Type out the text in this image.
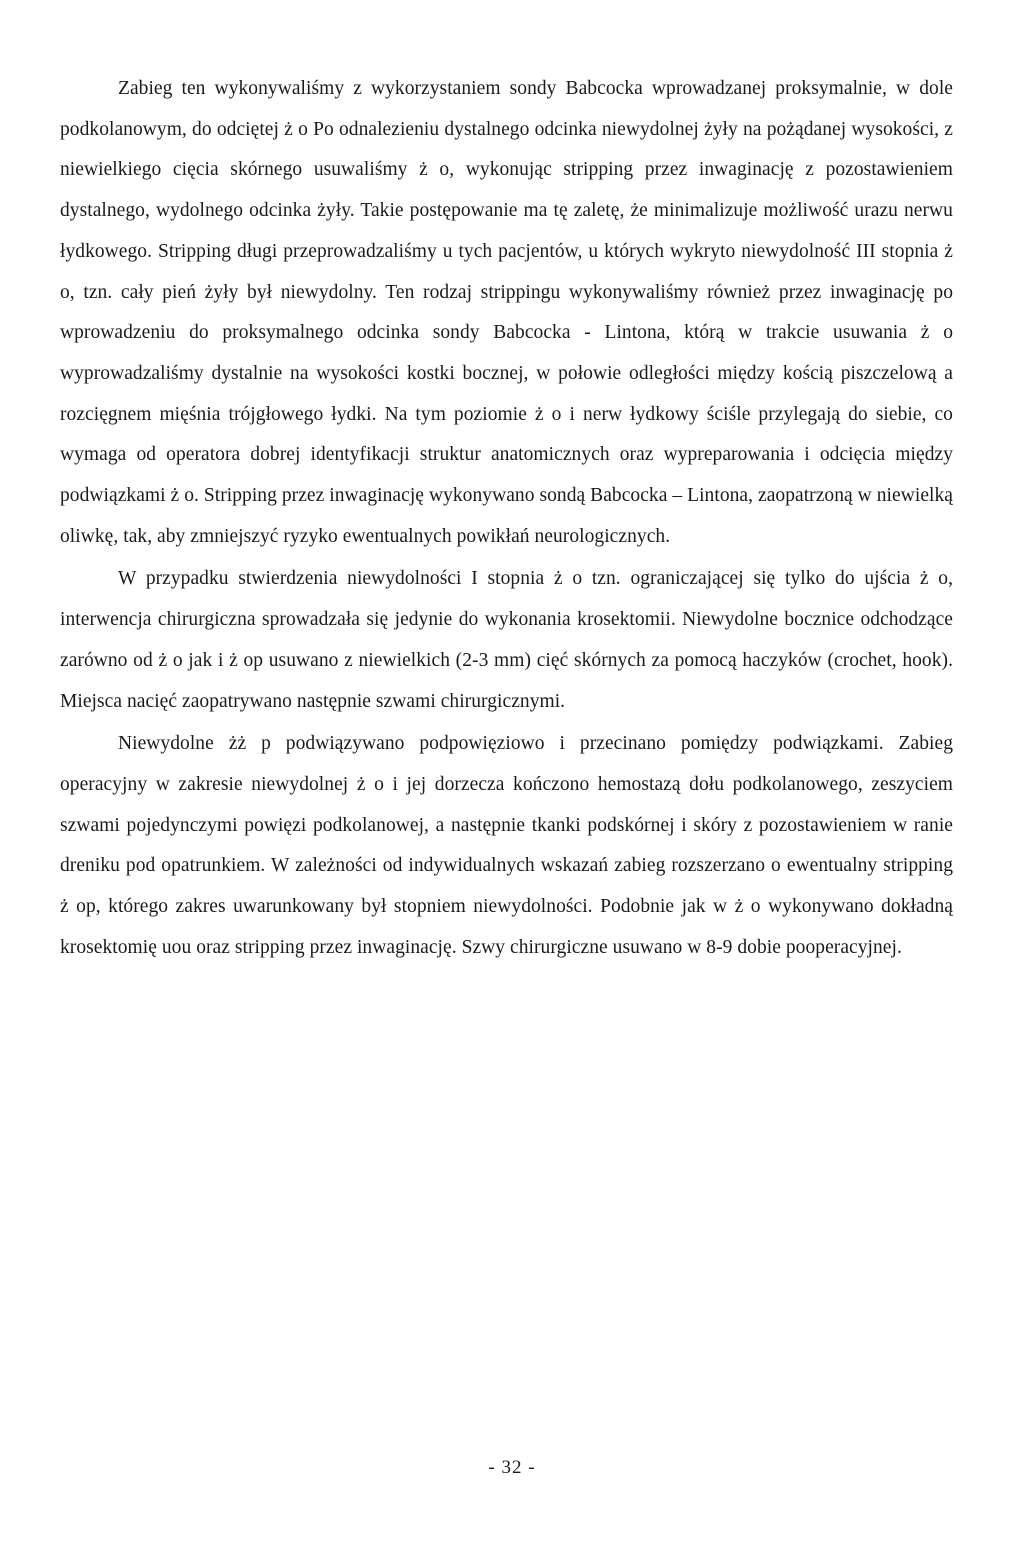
Zabieg ten wykonywaliśmy z wykorzystaniem sondy Babcocka wprowadzanej proksymalnie, w dole podkolanowym, do odciętej ż o Po odnalezieniu dystalnego odcinka niewydolnej żyły na pożądanej wysokości, z niewielkiego cięcia skórnego usuwaliśmy ż o, wykonując stripping przez inwaginację z pozostawieniem dystalnego, wydolnego odcinka żyły. Takie postępowanie ma tę zaletę, że minimalizuje możliwość urazu nerwu łydkowego. Stripping długi przeprowadzaliśmy u tych pacjentów, u których wykryto niewydolność III stopnia ż o, tzn. cały pień żyły był niewydolny. Ten rodzaj strippingu wykonywaliśmy również przez inwaginację po wprowadzeniu do proksymalnego odcinka sondy Babcocka - Lintona, którą w trakcie usuwania ż o wyprowadzaliśmy dystalnie na wysokości kostki bocznej, w połowie odległości między kością piszczelową a rozcięgnem mięśnia trójgłowego łydki. Na tym poziomie ż o i nerw łydkowy ściśle przylegają do siebie, co wymaga od operatora dobrej identyfikacji struktur anatomicznych oraz wypreparowania i odcięcia między podwiązkami ż o. Stripping przez inwaginację wykonywano sondą Babcocka – Lintona, zaopatrzoną w niewielką oliwkę, tak, aby zmniejszyć ryzyko ewentualnych powikłań neurologicznych.

W przypadku stwierdzenia niewydolności I stopnia ż o tzn. ograniczającej się tylko do ujścia ż o, interwencja chirurgiczna sprowadzała się jedynie do wykonania krosektomii. Niewydolne bocznice odchodzące zarówno od ż o jak i ż op usuwano z niewielkich (2-3 mm) cięć skórnych za pomocą haczyków (crochet, hook). Miejsca nacięć zaopatrywano następnie szwami chirurgicznymi.

Niewydolne żż p podwiązywano podpowięziowo i przecinano pomiędzy podwiązkami. Zabieg operacyjny w zakresie niewydolnej ż o i jej dorzecza kończono hemostazą dołu podkolanowego, zeszyciem szwami pojedynczymi powięzi podkolanowej, a następnie tkanki podskórnej i skóry z pozostawieniem w ranie dreniku pod opatrunkiem. W zależności od indywidualnych wskazań zabieg rozszerzano o ewentualny stripping ż op, którego zakres uwarunkowany był stopniem niewydolności. Podobnie jak w ż o wykonywano dokładną krosektomię uou oraz stripping przez inwaginację. Szwy chirurgiczne usuwano w 8-9 dobie pooperacyjnej.

- 32 -
